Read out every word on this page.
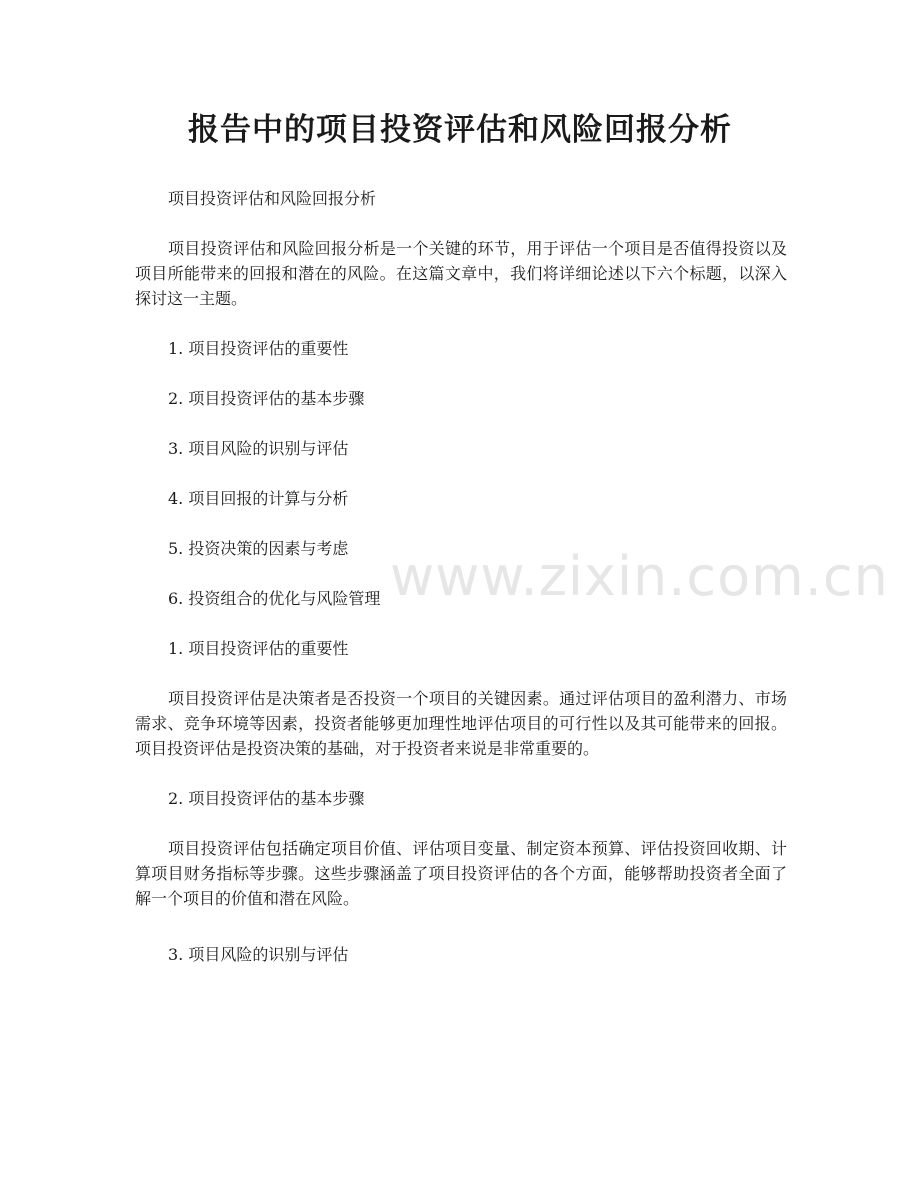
报告中的项目投资评估和风险回报分析

项目投资评估和风险回报分析

项目投资评估和风险回报分析是一个关键的环节，用于评估一个项目是否值得投资以及项目所能带来的回报和潜在的风险。在这篇文章中，我们将详细论述以下六个标题，以深入探讨这一主题。

1. 项目投资评估的重要性

2. 项目投资评估的基本步骤

3. 项目风险的识别与评估

4. 项目回报的计算与分析

5. 投资决策的因素与考虑

6. 投资组合的优化与风险管理

1. 项目投资评估的重要性

项目投资评估是决策者是否投资一个项目的关键因素。通过评估项目的盈利潜力、市场需求、竞争环境等因素，投资者能够更加理性地评估项目的可行性以及其可能带来的回报。项目投资评估是投资决策的基础，对于投资者来说是非常重要的。

2. 项目投资评估的基本步骤

项目投资评估包括确定项目价值、评估项目变量、制定资本预算、评估投资回收期、计算项目财务指标等步骤。这些步骤涵盖了项目投资评估的各个方面，能够帮助投资者全面了解一个项目的价值和潜在风险。

3. 项目风险的识别与评估

www.zixin.com.cn
